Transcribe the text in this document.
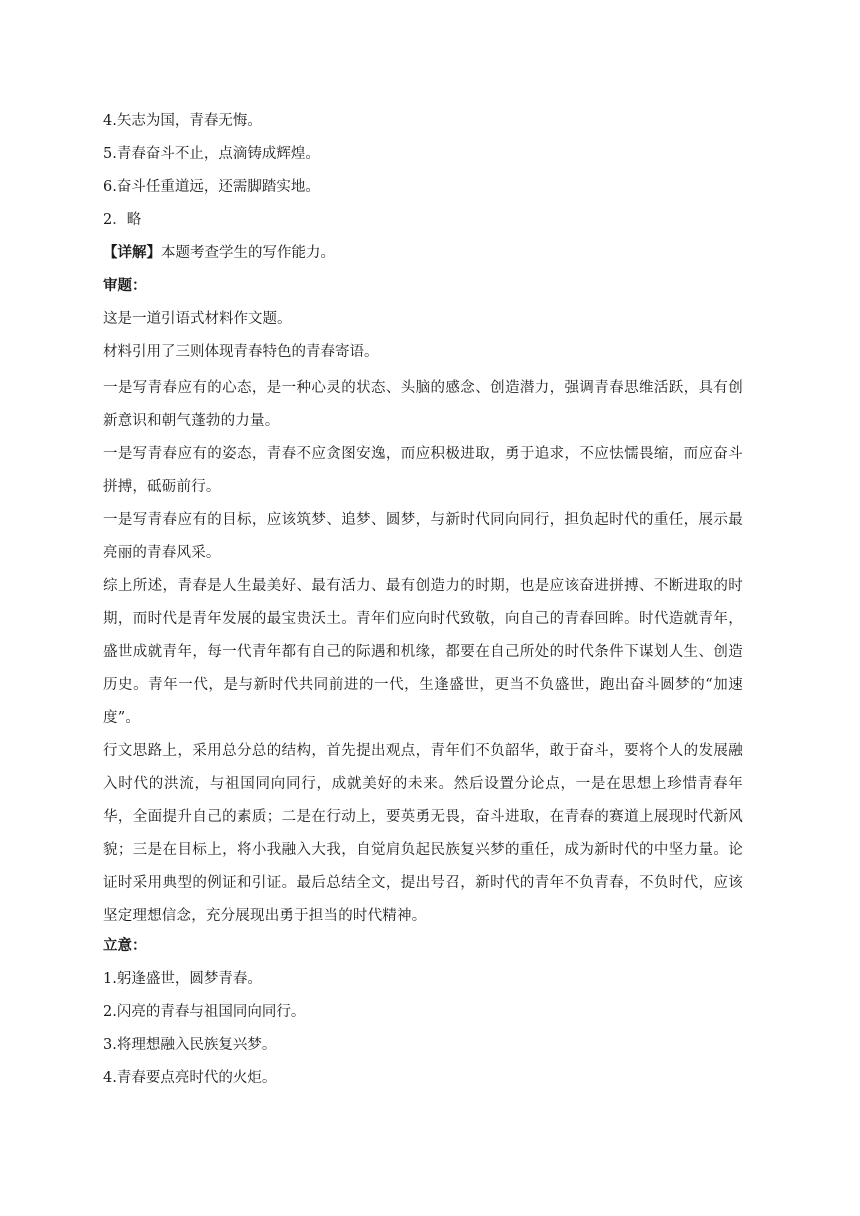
4.矢志为国，青春无悔。
5.青春奋斗不止，点滴铸成辉煌。
6.奋斗任重道远，还需脚踏实地。
2．略
【详解】本题考查学生的写作能力。
审题：
这是一道引语式材料作文题。
材料引用了三则体现青春特色的青春寄语。
一是写青春应有的心态，是一种心灵的状态、头脑的感念、创造潜力，强调青春思维活跃，具有创新意识和朝气蓬勃的力量。
一是写青春应有的姿态，青春不应贪图安逸，而应积极进取，勇于追求，不应怯懦畏缩，而应奋斗拼搏，砥砺前行。
一是写青春应有的目标，应该筑梦、追梦、圆梦，与新时代同向同行，担负起时代的重任，展示最亮丽的青春风采。
综上所述，青春是人生最美好、最有活力、最有创造力的时期，也是应该奋进拼搏、不断进取的时期，而时代是青年发展的最宝贵沃土。青年们应向时代致敬，向自己的青春回眸。时代造就青年，盛世成就青年，每一代青年都有自己的际遇和机缘，都要在自己所处的时代条件下谋划人生、创造历史。青年一代，是与新时代共同前进的一代，生逢盛世，更当不负盛世，跑出奋斗圆梦的“加速度”。
行文思路上，采用总分总的结构，首先提出观点，青年们不负韶华，敢于奋斗，要将个人的发展融入时代的洪流，与祖国同向同行，成就美好的未来。然后设置分论点，一是在思想上珍惜青春年华，全面提升自己的素质；二是在行动上，要英勇无畏，奋斗进取，在青春的赛道上展现时代新风貌；三是在目标上，将小我融入大我，自觉肩负起民族复兴梦的重任，成为新时代的中坚力量。论证时采用典型的例证和引证。最后总结全文，提出号召，新时代的青年不负青春，不负时代，应该坚定理想信念，充分展现出勇于担当的时代精神。
立意：
1.躬逢盛世，圆梦青春。
2.闪亮的青春与祖国同向同行。
3.将理想融入民族复兴梦。
4.青春要点亮时代的火炬。
